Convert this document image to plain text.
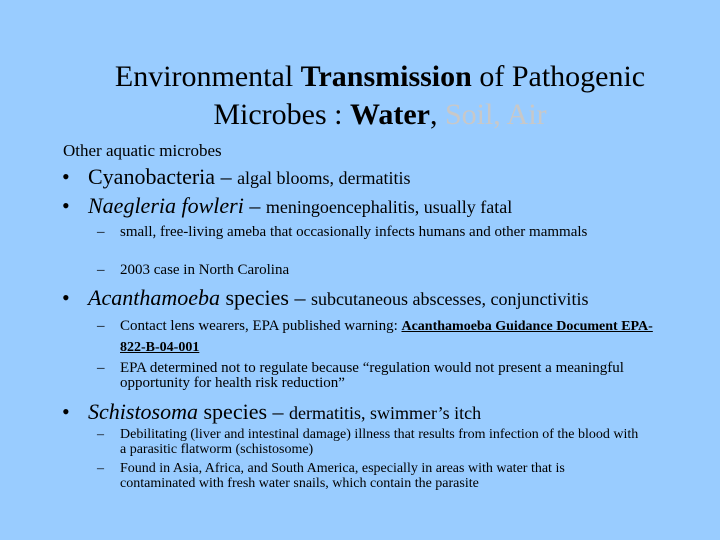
Environmental Transmission of Pathogenic
Microbes : Water, Soil, Air
Other aquatic microbes
• Cyanobacteria – algal blooms, dermatitis
• Naegleria fowleri – meningoencephalitis, usually fatal
– small, free-living ameba that occasionally infects humans and other mammals
– 2003 case in North Carolina
• Acanthamoeba species – subcutaneous abscesses, conjunctivitis
– Contact lens wearers, EPA published warning: Acanthamoeba Guidance Document EPA-822-B-04-001
– EPA determined not to regulate because “regulation would not present a meaningful opportunity for health risk reduction”
• Schistosoma species – dermatitis, swimmer’s itch
– Debilitating (liver and intestinal damage) illness that results from infection of the blood with a parasitic flatworm (schistosome)
– Found in Asia, Africa, and South America, especially in areas with water that is contaminated with fresh water snails, which contain the parasite
